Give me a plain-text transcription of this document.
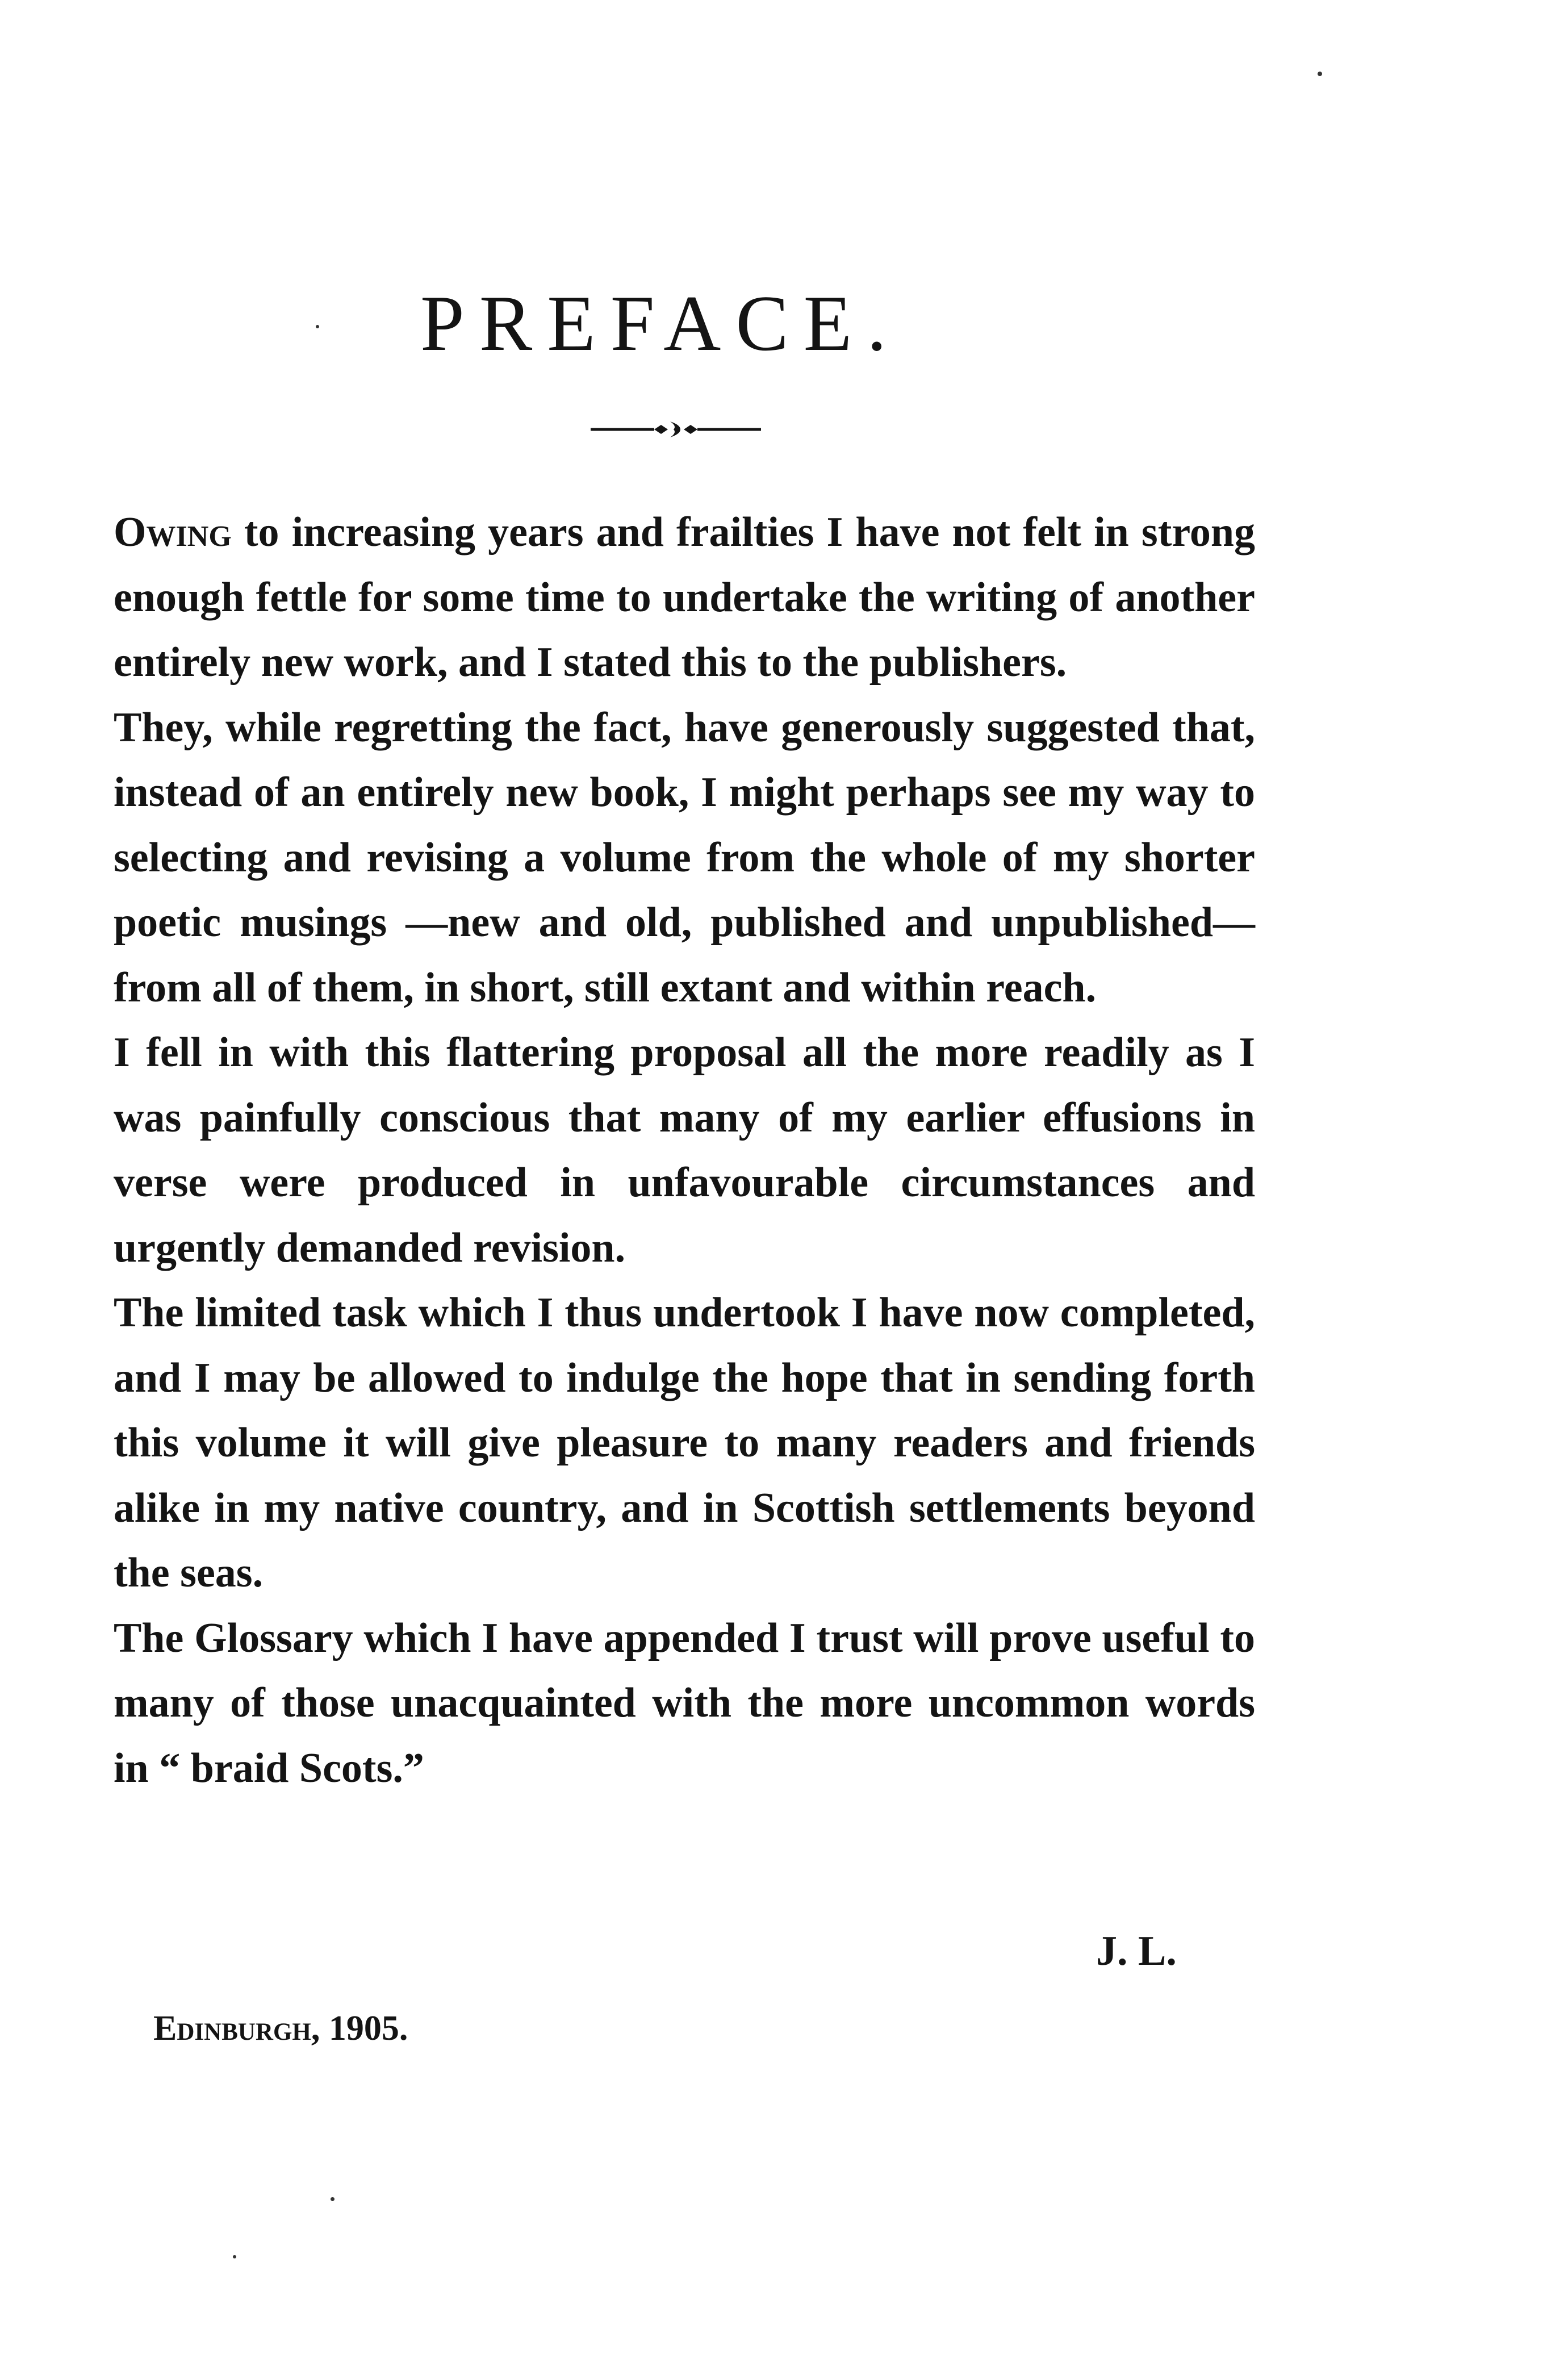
PREFACE.

Owing to increasing years and frailties I have not felt in strong enough fettle for some time to undertake the writing of another entirely new work, and I stated this to the publishers.

They, while regretting the fact, have generously suggested that, instead of an entirely new book, I might perhaps see my way to selecting and revising a volume from the whole of my shorter poetic musings —new and old, published and unpublished—from all of them, in short, still extant and within reach.

I fell in with this flattering proposal all the more readily as I was painfully conscious that many of my earlier effusions in verse were produced in unfavourable circumstances and urgently demanded revision.

The limited task which I thus undertook I have now completed, and I may be allowed to indulge the hope that in sending forth this volume it will give pleasure to many readers and friends alike in my native country, and in Scottish settlements beyond the seas.

The Glossary which I have appended I trust will prove useful to many of those unacquainted with the more uncommon words in “ braid Scots.”

J. L.

Edinburgh, 1905.
